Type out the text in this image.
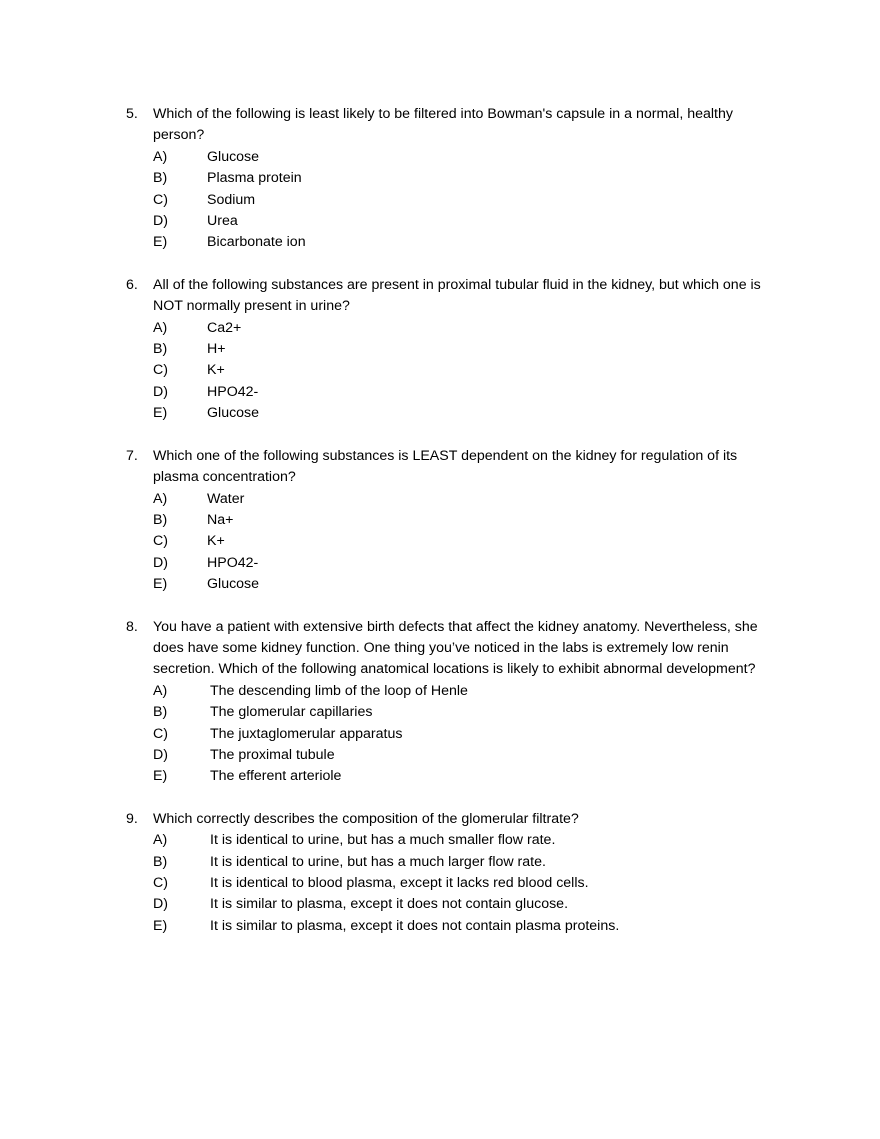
5.	Which of the following is least likely to be filtered into Bowman's capsule in a normal, healthy person?
A)	Glucose
B)	Plasma protein
C)	Sodium
D)	Urea
E)	Bicarbonate ion
6.	All of the following substances are present in proximal tubular fluid in the kidney, but which one is NOT normally present in urine?
A)	Ca2+
B)	H+
C)	K+
D)	HPO42-
E)	Glucose
7.	Which one of the following substances is LEAST dependent on the kidney for regulation of its plasma concentration?
A)	Water
B)	Na+
C)	K+
D)	HPO42-
E)	Glucose
8.	You have a patient with extensive birth defects that affect the kidney anatomy. Nevertheless, she does have some kidney function. One thing you’ve noticed in the labs is extremely low renin secretion. Which of the following anatomical locations is likely to exhibit abnormal development?
A)	The descending limb of the loop of Henle
B)	The glomerular capillaries
C)	The juxtaglomerular apparatus
D)	The proximal tubule
E)	The efferent arteriole
9.	Which correctly describes the composition of the glomerular filtrate?
A)	It is identical to urine, but has a much smaller flow rate.
B)	It is identical to urine, but has a much larger flow rate.
C)	It is identical to blood plasma, except it lacks red blood cells.
D)	It is similar to plasma, except it does not contain glucose.
E)	It is similar to plasma, except it does not contain plasma proteins.
